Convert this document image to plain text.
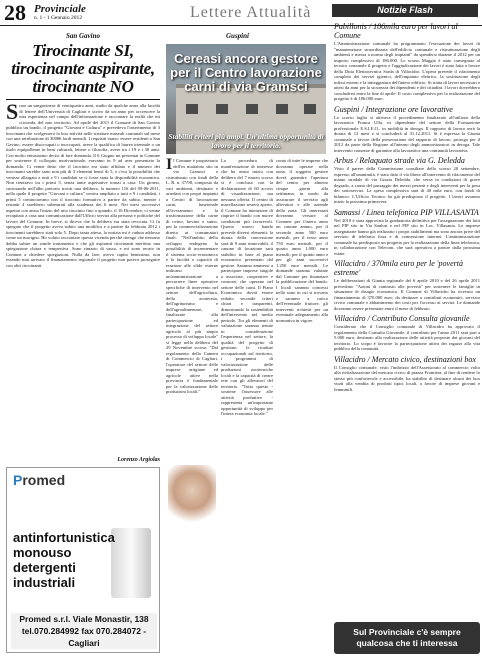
28 Provinciale
n. 1 - 1 Gennaio 2012	Lettere Attualità
San Gavino
Tirocinante SI, tirocinante aspirante, tirocinante NO
Sono un sangavinese di ventiquattro anni, studio da qualche anno alla facoltà di lettere dell'Università di Cagliari e scrivo da un anno per accrescere la mia esperienza nel campo dell'informazione e raccontare la realtà che mi circonda, del mio territorio. Ad aprile del 2011 il Comune di San Gavino pubblica un bando, il progetto "Giovani e Cultura" e prevedeva l'inserimento di 3 tirocinanti che svolgessero la loro attività nelle strutture museali comunali sul mese con una retribuzione di 3000€ lordi mensili. I requisiti erano: essere residenti a San Gavino, essere disoccupati o inoccupati, avere la qualifica di laurea triennale o un titolo equipollente in beni culturali, lettere o filosofia, avere tra i 19 e i 30 anni. Con molto entusiasmo decisi di fare domanda. Il 6 Giugno mi presentai in Comune per sostenere il colloquio motivazionale, eravamo in 9 ad aver presentato la domanda. Ci venne detto che il tirocinio era stato affidato e il numero dei tirocinanti sarebbe stato non più di 3 elementi bensì di 5, e c'era la possibilità che venisse allargato a tutti e 9 i candidati se ci fosse stata la disponibilità economica. Non rientravo tra i primi 5, senza tante aspettative tornai a casa. Un giorno, curiosando nell'albo pretorio trovai una delibera, la numero 116 del 09-06-2011, nella quale il progetto "Giovani e cultura" veniva ampliato a tutti e 9 i candidati, i primi 5 cominciavano con il tirocinio formativo a partire da subito, mentre i restanti 4 sarebbero subentrati alla scadenza dei 6 mesi. Nei mesi successivi aspettai con ansia l'inizio del mio tirocinio fino a quando, il 16 Dicembre, ci venne recapitato a casa una comunicazione dall'Ufficio servizi alla persona e politiche del lavoro del Comune. In breve, si diceva che la delibera era stata revocata. Ci fu spiegato che il progetto aveva subito una modifica e a partire da febbraio 2012 i tirocinanti sarebbero stati solo 5. Dopo tanta attesa, la notizia mi è caduta addosso come un macigno. Ho voluto raccontare questa vicenda perché ritengo che nessuno debba subire un simile trattamento e che gli aspiranti tirocinanti meritino una spiegazione chiara e tempestiva. Sono rimasto di sasso, e mi sono recato in Comune a chiedere spiegazioni. Nulla da fare; avevo capito benissimo, non essendo mai arrivato il finanziamento regionale il progetto non poteva proseguire con altri tirocinanti.
Lorenzo Argiolas
Guspini
Cereasi ancora gestore per il Centro lavorazione carni di via Gramsci
Stabiliti criteri più ampi. Un'ultima opportunità di lavoro per il territorio.
Il Comune è proprietario dell'ex mattatoio sito in via Gramsci e ristrutturato con fondi della L. R. n. 37/98, composto da vari ambienti, destinato e arredato con propri impianti a Centro di lavorazione carni, funzionale all'avviamento e la trasformazione della carne di ovino, bovino e suino, per la commercializzazione diretta ai consumatori finali. "Nell'ambito dello sviluppo endogeno la possibilità di incrementare il sistema socio-economico e la facoltà e capacità di reazione alle sfide esterne indicano un'amministrazione a percorrere linee operative specifiche di intervento nel settore dell'agricoltura, della zootecnia, dell'agriturismo e dell'agroalimentare, finalizzate alla partecipazione ed integrazione del settore agricolo al più ampio processo di sviluppo locale" si legge nella delibera del 29 Novembre scorso. "Dal regolamento della Camera di Commercio di Cagliari, l'operatore del settore delle imprese artigiane ed agricole attive nella provincia è fondamentale per la valorizzazione delle produzioni locali."
La procedura di manifestazione di interesse che ha avuto inizio con delibera del 7 marzo scorso si è conclusa con la dichiarazione di 60 access di visualizzazione, ma nessuna offerta. Il centro di macellazione resterà aperto, il Comune ha intenzione di riaprire il bando con nuove condizioni più favorevoli. Questo nuovo bando prevede diversi elementi: la durata della concessione sarà di 9 anni rinnovabili, il canone di locazione sarà stabilito in base al piano economico presentato dal gestore. Saranno ammessi a partecipare imprese singole o associate, cooperative e consorzi che operano nel settore delle carni. Il Piano Economico dovrà essere redatto secondo criteri chiari e trasparenti, dimostrando la sostenibilità dell'intervento nel medio periodo. Tra gli elementi di valutazione saranno tenute in considerazione l'esperienza nel settore, la qualità del progetto di gestione, le ricadute occupazionali sul territorio, i programmi di valorizzazione delle produzioni zootecniche locali e la capacità di creare rete con gli allevatori del territorio. "Tutto questo - sostiene l'assessore alle attività produttive - rappresenta un'importante opportunità di sviluppo per l'intera economia locale."
conto di tutte le imprese che dovranno operare nella zona, il soggetto gestore dovrà garantire l'apertura del centro per almeno cinque giorni alla settimana, in modo da assicurare il servizio agli allevatori e alle aziende della zona. Gli interessati dovranno versare al Comune per l'intero anno un canone annuo, per il secondo anno 500 euro mensili, per il terzo anno 750 euro mensili, per il quarto anno 1.000 euro mensili; per il quinto anno e per gli anni successivi 1.250 euro mensili. Le domande saranno valutate dal Comune per finanziare la pubblicazione del bando. I locali saranno concessi nello stato in cui si trovano e saranno a carico dell'eventuale fruitore, gli interventi richiesti per un eventuale adeguamento alla normativa in vigore.
Promed
antinfortunistica
monouso
detergenti
industriali
Promed s.r.l. Viale Monastir, 138
tel.070.284992 fax 070.284072 - Cagliari
Notizie Flash
Pabillonis / 186mila euro per lavori al Comune
L'Amministrazione comunale ha programmato l'esecuzione dei lavori di "manutenzione straordinaria dell'edificio comunale e ristrutturazione degli ambienti e messa a norma degli impianti" da spendersi durante il 2012 per un importo complessivo di 186.000. Lo scorso Maggio è stato consegnato al tecnico comunale il progetto e l'aggiudicazione dei lavori è stata fatta a favore della Ditta Elettrotecnica Sarda di Villacidro. L'opera prevede il rifacimento completo dei servizi igienici, dell'impianto elettrico, la sostituzione degli infissi esterni e la tinteggiatura dell'intero edificio. Si tratta di lavori necessari e attesi da anni per la sicurezza dei dipendenti e dei cittadini. I lavori dovrebbero concludersi entro la fine di aprile. Il costo complessivo per la realizzazione del progetto è di 186.000 euro.
Guspini / Integrazione ore lavorative
Lo scorso luglio si attivava il procedimento finalizzato all'utilizzo della lavoratrice Franca Ulla, ex dipendente del settore della Formazione professionale E.S.I.E.O., in mobilità in deroga. Il rapporto di lavoro avrà la durata di 12 mesi e si concluderà al 31.12.2011. Si è espressa la Giunta comunale a favore della prosecuzione del rapporto di lavoro, proroga per il 2012 da parte della Regione all'interno degli ammortizzatori in deroga. Tale intervento consente di garantire alla lavoratrice una continuità lavorativa.
Arbus / Relaquato strade via G. Deledda
Visto il parere della Commissione consiliare dello scorso 20 settembre, espresso all'unanimità, è stato dato il via libera all'intervento di rifacimento del manto stradale di via Grazia Deledda, che versa in condizioni di grave degrado, a causa del passaggio dei mezzi pesanti e degli interventi per la posa dei sottoservizi. La spesa complessiva sarà di 40 mila euro, con fondi di bilancio. L'Ufficio Tecnico ha già predisposto il progetto. I lavori avranno inizio la prossima primavera.
Samassi / Linea telefonica PIP VILLASANTA
Nel 2010 è stata approvata la graduatoria definitiva per l'assegnazione dei lotti nel PIP sito in Via Sanluri e nel PIP sito in Loc. Villasanta. Le imprese assegnatarie hanno già realizzato i propri stabilimenti ma sono ancora prive del servizio di telefonia fissa e di connessione internet. L'amministrazione comunale ha predisposto un progetto per la realizzazione della linea telefonica, in collaborazione con Telecom, che sarà operativa a partire dalla prossima estate.
Villacidro / 370mila euro per le 'povertà estreme'
Le deliberazioni di Giunta regionale del 6 aprile 2010 e del 26 aprile 2011 prevedono "Azioni di contrasto alle povertà" per sostenere le famiglie in situazione di disagio economico. Il Comune di Villacidro ha ricevuto un finanziamento di 370.000 euro, da destinare a contributi economici, servizio civico comunale e abbattimento dei costi per l'accesso ai servizi. Le domande dovranno essere presentate entro il mese di febbraio.
Villacidro / Contributo Consulta giovanile
Considerato che il Consiglio comunale di Villacidro ha approvato il regolamento della Consulta Giovanile, il contributo per l'anno 2011 sarà pari a 5.000 euro, destinato alla realizzazione delle attività proposte dai giovani del territorio. Lo scopo è favorire la partecipazione attiva dei ragazzi alla vita pubblica della comunità.
Villacidro / Mercato civico, destinazioni box
Il Consiglio comunale, visto l'indirizzo dell'Assessorato al commercio volto alla rivitalizzazione del mercato civico di piazza Frontiera, al fine di rendere lo stesso più confortevole e accessibile, ha stabilito di destinare alcuni dei box vuoti alla vendita di prodotti tipici locali, a favore di imprese giovani e femminili.
Sul Provinciale c'è sempre
qualcosa che ti interessa
